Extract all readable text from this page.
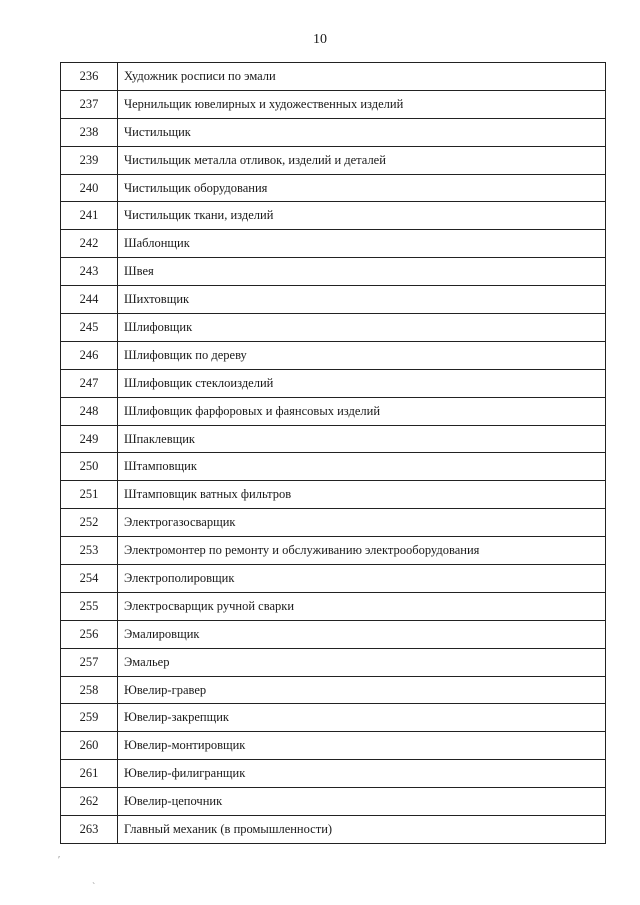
10
236	Художник росписи по эмали
237	Чернильщик ювелирных и художественных изделий
238	Чистильщик
239	Чистильщик металла отливок, изделий и деталей
240	Чистильщик оборудования
241	Чистильщик ткани, изделий
242	Шаблонщик
243	Швея
244	Шихтовщик
245	Шлифовщик
246	Шлифовщик по дереву
247	Шлифовщик стеклоизделий
248	Шлифовщик фарфоровых и фаянсовых изделий
249	Шпаклевщик
250	Штамповщик
251	Штамповщик ватных фильтров
252	Электрогазосварщик
253	Электромонтер по ремонту и обслуживанию электрооборудования
254	Электрополировщик
255	Электросварщик ручной сварки
256	Эмалировщик
257	Эмальер
258	Ювелир-гравер
259	Ювелир-закрепщик
260	Ювелир-монтировщик
261	Ювелир-филигранщик
262	Ювелир-цепочник
263	Главный механик (в промышленности)
′
ˋ
